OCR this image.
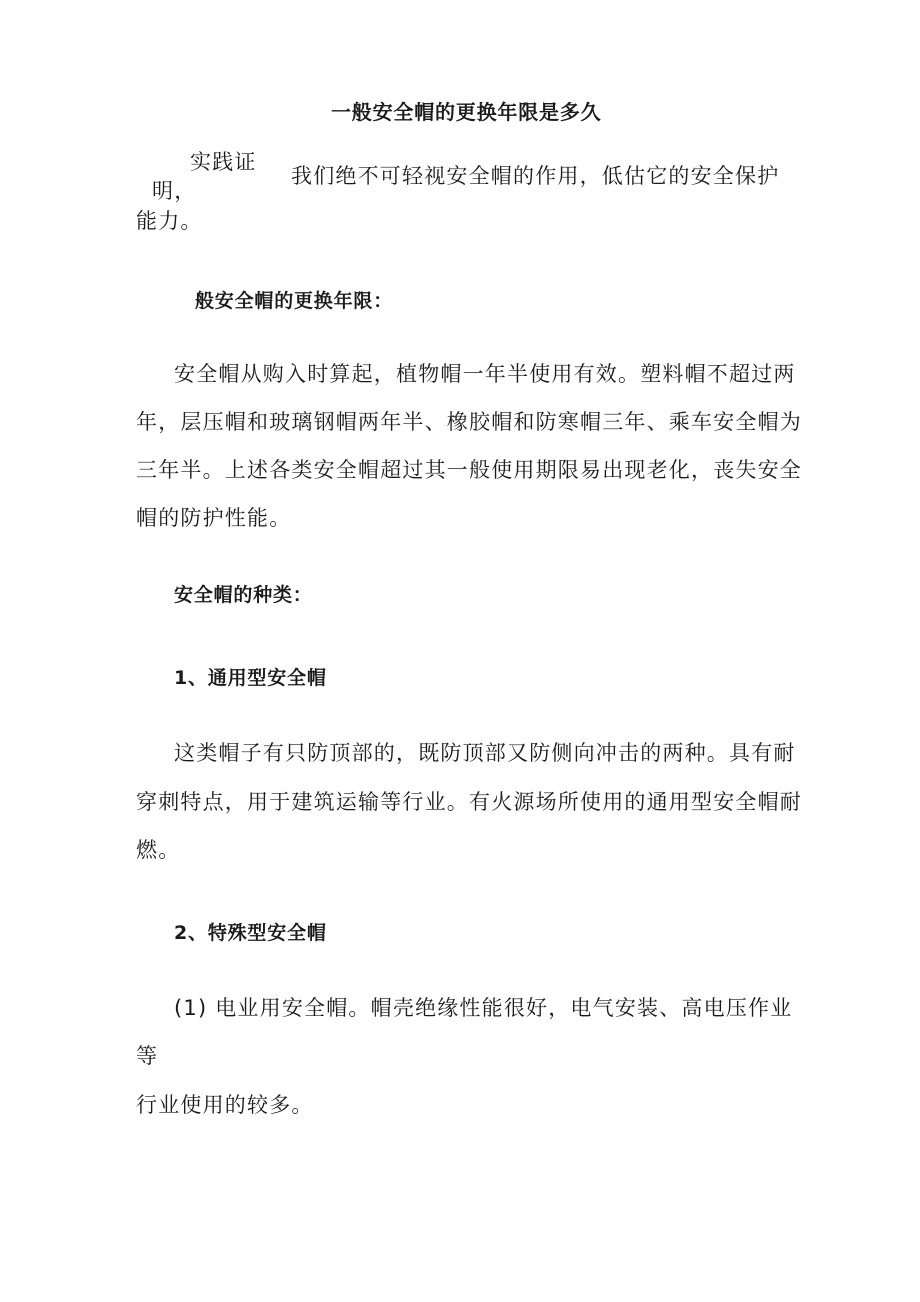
一般安全帽的更换年限是多久
实践证
明，
我们绝不可轻视安全帽的作用，低估它的安全保护
能力。
般安全帽的更换年限：
安全帽从购入时算起，植物帽一年半使用有效。塑料帽不超过两
年，层压帽和玻璃钢帽两年半、橡胶帽和防寒帽三年、乘车安全帽为
三年半。上述各类安全帽超过其一般使用期限易出现老化，丧失安全
帽的防护性能。
安全帽的种类：
1、通用型安全帽
这类帽子有只防顶部的，既防顶部又防侧向冲击的两种。具有耐
穿刺特点，用于建筑运输等行业。有火源场所使用的通用型安全帽耐
燃。
2、特殊型安全帽
(1) 电业用安全帽。帽壳绝缘性能很好，电气安装、高电压作业
等
行业使用的较多。
